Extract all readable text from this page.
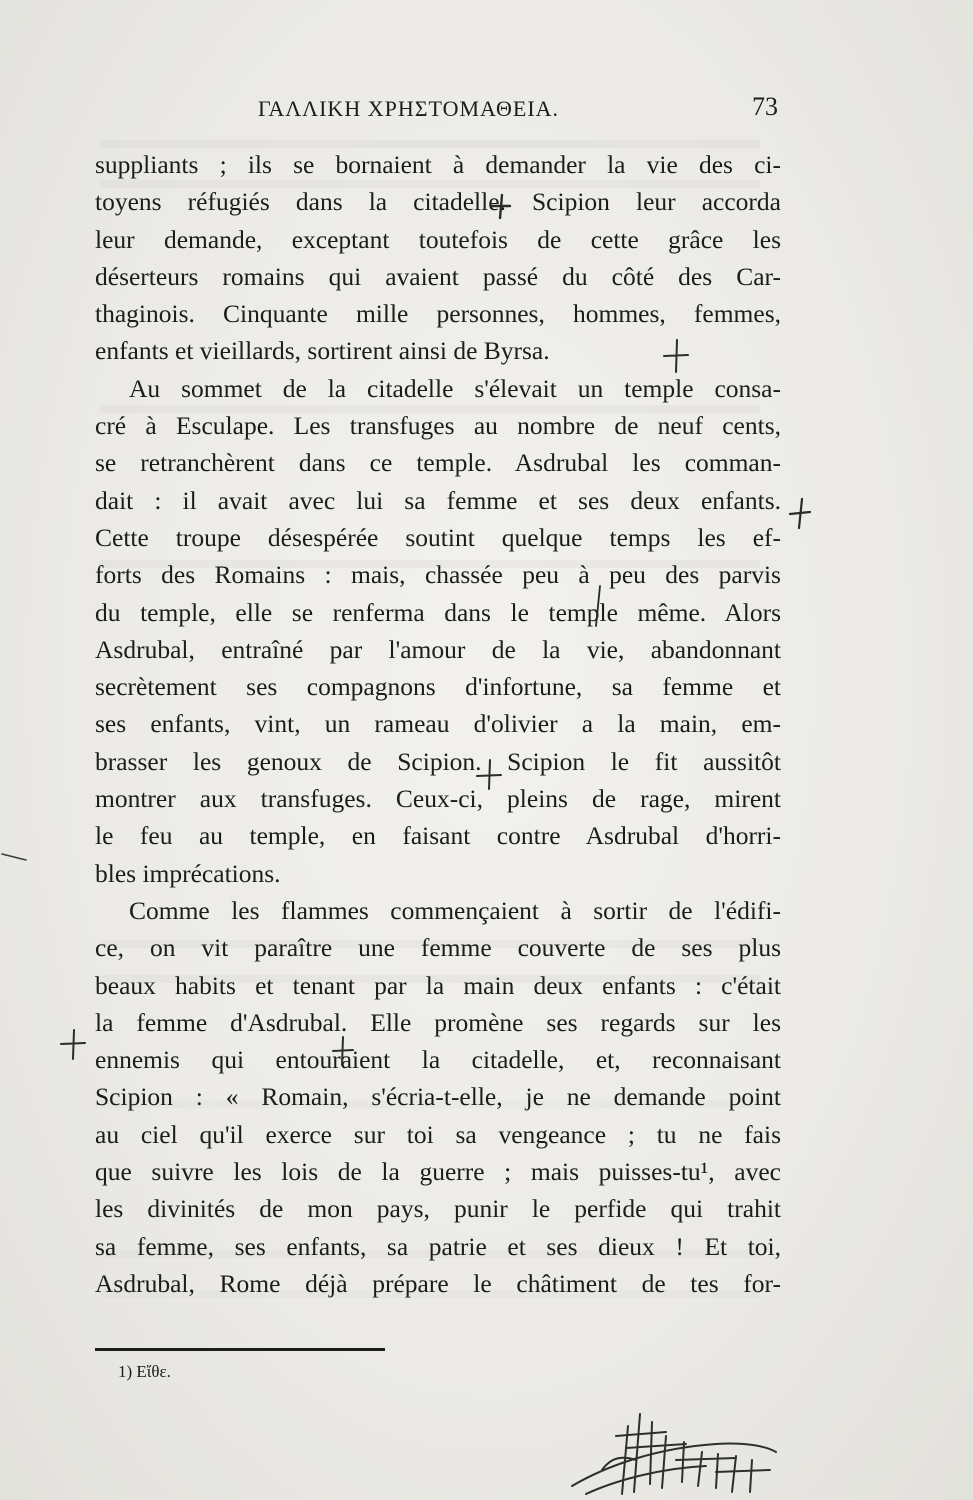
ΓΑΛΛΙΚΗ ΧΡΗΣΤΟΜΑΘΕΙΑ.	73
suppliants ; ils se bornaient à demander la vie des ci-
toyens réfugiés dans la citadelle. Scipion leur accorda
leur demande, exceptant toutefois de cette grâce les
déserteurs romains qui avaient passé du côté des Car-
thaginois. Cinquante mille personnes, hommes, femmes,
enfants et vieillards, sortirent ainsi de Byrsa.
Au sommet de la citadelle s'élevait un temple consa-
cré à Esculape. Les transfuges au nombre de neuf cents,
se retranchèrent dans ce temple. Asdrubal les comman-
dait : il avait avec lui sa femme et ses deux enfants.
Cette troupe désespérée soutint quelque temps les ef-
forts des Romains : mais, chassée peu à peu des parvis
du temple, elle se renferma dans le temple même. Alors
Asdrubal, entraîné par l'amour de la vie, abandonnant
secrètement ses compagnons d'infortune, sa femme et
ses enfants, vint, un rameau d'olivier a la main, em-
brasser les genoux de Scipion. Scipion le fit aussitôt
montrer aux transfuges. Ceux-ci, pleins de rage, mirent
le feu au temple, en faisant contre Asdrubal d'horri-
bles imprécations.
Comme les flammes commençaient à sortir de l'édifi-
ce, on vit paraître une femme couverte de ses plus
beaux habits et tenant par la main deux enfants : c'était
la femme d'Asdrubal. Elle promène ses regards sur les
ennemis qui entouraient la citadelle, et, reconnaisant
Scipion : « Romain, s'écria-t-elle, je ne demande point
au ciel qu'il exerce sur toi sa vengeance ; tu ne fais
que suivre les lois de la guerre ; mais puisses-tu¹, avec
les divinités de mon pays, punir le perfide qui trahit
sa femme, ses enfants, sa patrie et ses dieux ! Et toi,
Asdrubal, Rome déjà prépare le châtiment de tes for-
1) Εἴθε.
